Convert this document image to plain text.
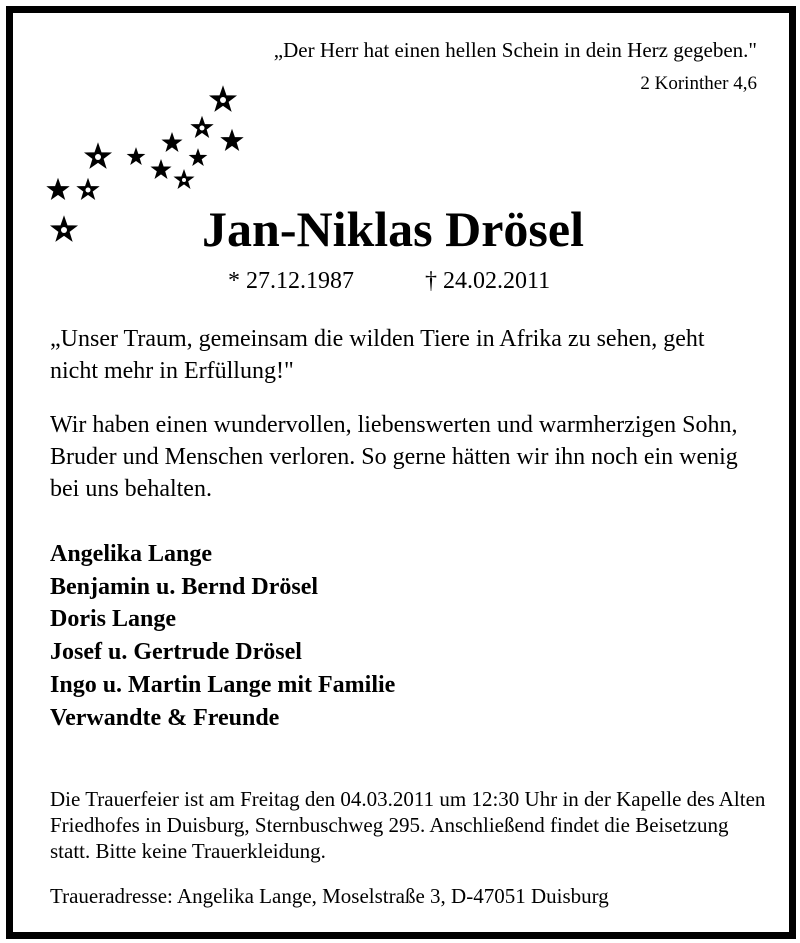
„Der Herr hat einen hellen Schein in dein Herz gegeben."
2 Korinther 4,6
Jan-Niklas Drösel
* 27.12.1987	† 24.02.2011
„Unser Traum, gemeinsam die wilden Tiere in Afrika zu sehen, geht nicht mehr in Erfüllung!"
Wir haben einen wundervollen, liebenswerten und warmherzigen Sohn, Bruder und Menschen verloren. So gerne hätten wir ihn noch ein wenig bei uns behalten.
Angelika Lange
Benjamin u. Bernd Drösel
Doris Lange
Josef u. Gertrude Drösel
Ingo u. Martin Lange mit Familie
Verwandte & Freunde
Die Trauerfeier ist am Freitag den 04.03.2011 um 12:30 Uhr in der Kapelle des Alten Friedhofes in Duisburg, Sternbuschweg 295. Anschließend findet die Beisetzung statt. Bitte keine Trauerkleidung.
Traueradresse: Angelika Lange, Moselstraße 3, D-47051 Duisburg
